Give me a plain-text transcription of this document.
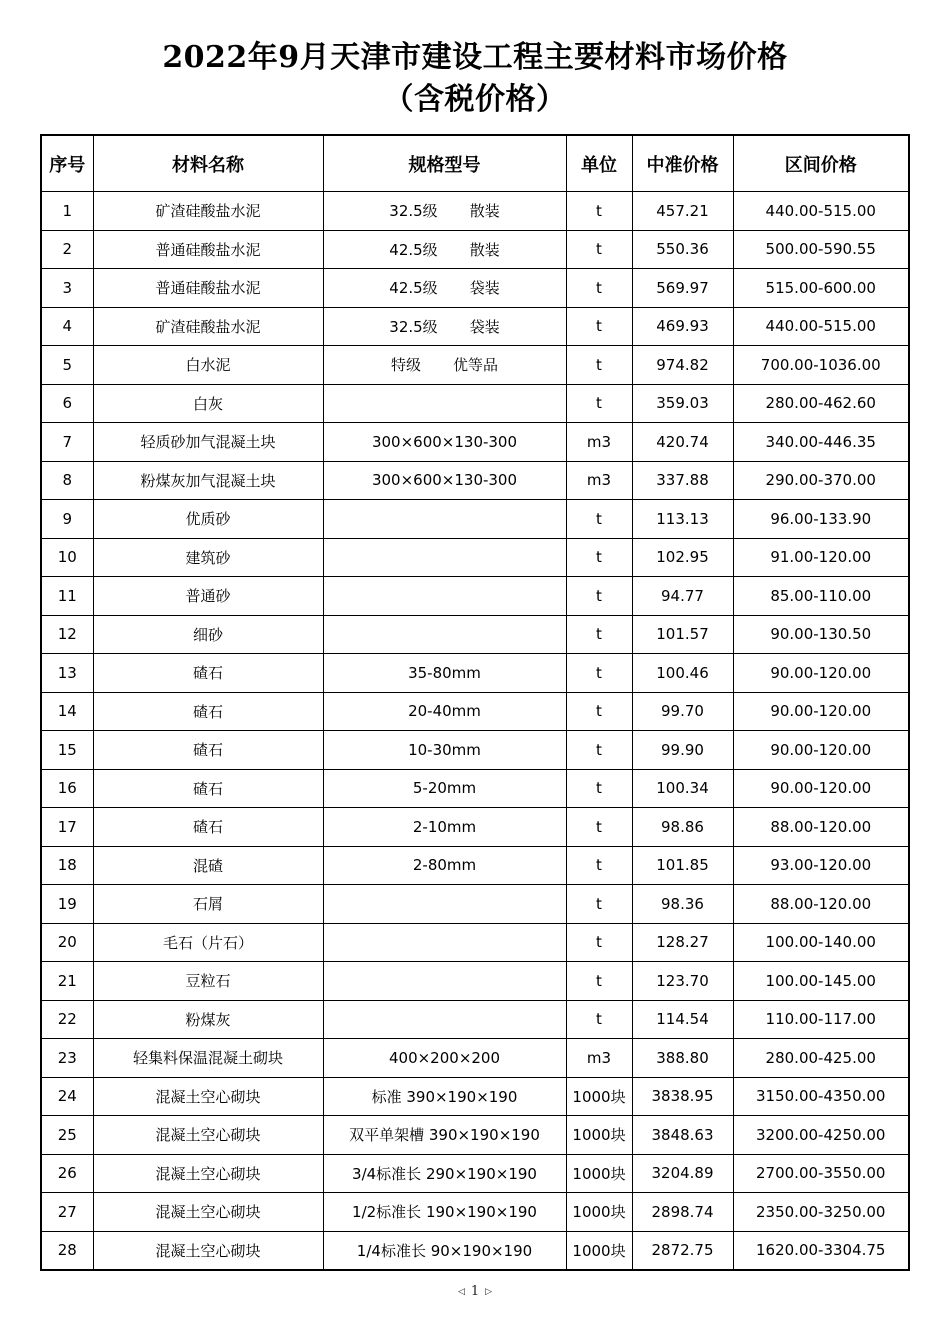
2022年9月天津市建设工程主要材料市场价格
（含税价格）
序号	材料名称	规格型号	单位	中准价格	区间价格
1	矿渣硅酸盐水泥	32.5级 散装	t	457.21	440.00-515.00
2	普通硅酸盐水泥	42.5级 散装	t	550.36	500.00-590.55
3	普通硅酸盐水泥	42.5级 袋装	t	569.97	515.00-600.00
4	矿渣硅酸盐水泥	32.5级 袋装	t	469.93	440.00-515.00
5	白水泥	特级 优等品	t	974.82	700.00-1036.00
6	白灰		t	359.03	280.00-462.60
7	轻质砂加气混凝土块	300×600×130-300	m3	420.74	340.00-446.35
8	粉煤灰加气混凝土块	300×600×130-300	m3	337.88	290.00-370.00
9	优质砂		t	113.13	96.00-133.90
10	建筑砂		t	102.95	91.00-120.00
11	普通砂		t	94.77	85.00-110.00
12	细砂		t	101.57	90.00-130.50
13	碴石	35-80mm	t	100.46	90.00-120.00
14	碴石	20-40mm	t	99.70	90.00-120.00
15	碴石	10-30mm	t	99.90	90.00-120.00
16	碴石	5-20mm	t	100.34	90.00-120.00
17	碴石	2-10mm	t	98.86	88.00-120.00
18	混碴	2-80mm	t	101.85	93.00-120.00
19	石屑		t	98.36	88.00-120.00
20	毛石（片石）		t	128.27	100.00-140.00
21	豆粒石		t	123.70	100.00-145.00
22	粉煤灰		t	114.54	110.00-117.00
23	轻集料保温混凝土砌块	400×200×200	m3	388.80	280.00-425.00
24	混凝土空心砌块	标准 390×190×190	1000块	3838.95	3150.00-4350.00
25	混凝土空心砌块	双平单架槽 390×190×190	1000块	3848.63	3200.00-4250.00
26	混凝土空心砌块	3/4标准长 290×190×190	1000块	3204.89	2700.00-3550.00
27	混凝土空心砌块	1/2标准长 190×190×190	1000块	2898.74	2350.00-3250.00
28	混凝土空心砌块	1/4标准长 90×190×190	1000块	2872.75	1620.00-3304.75
◁ 1 ▷
